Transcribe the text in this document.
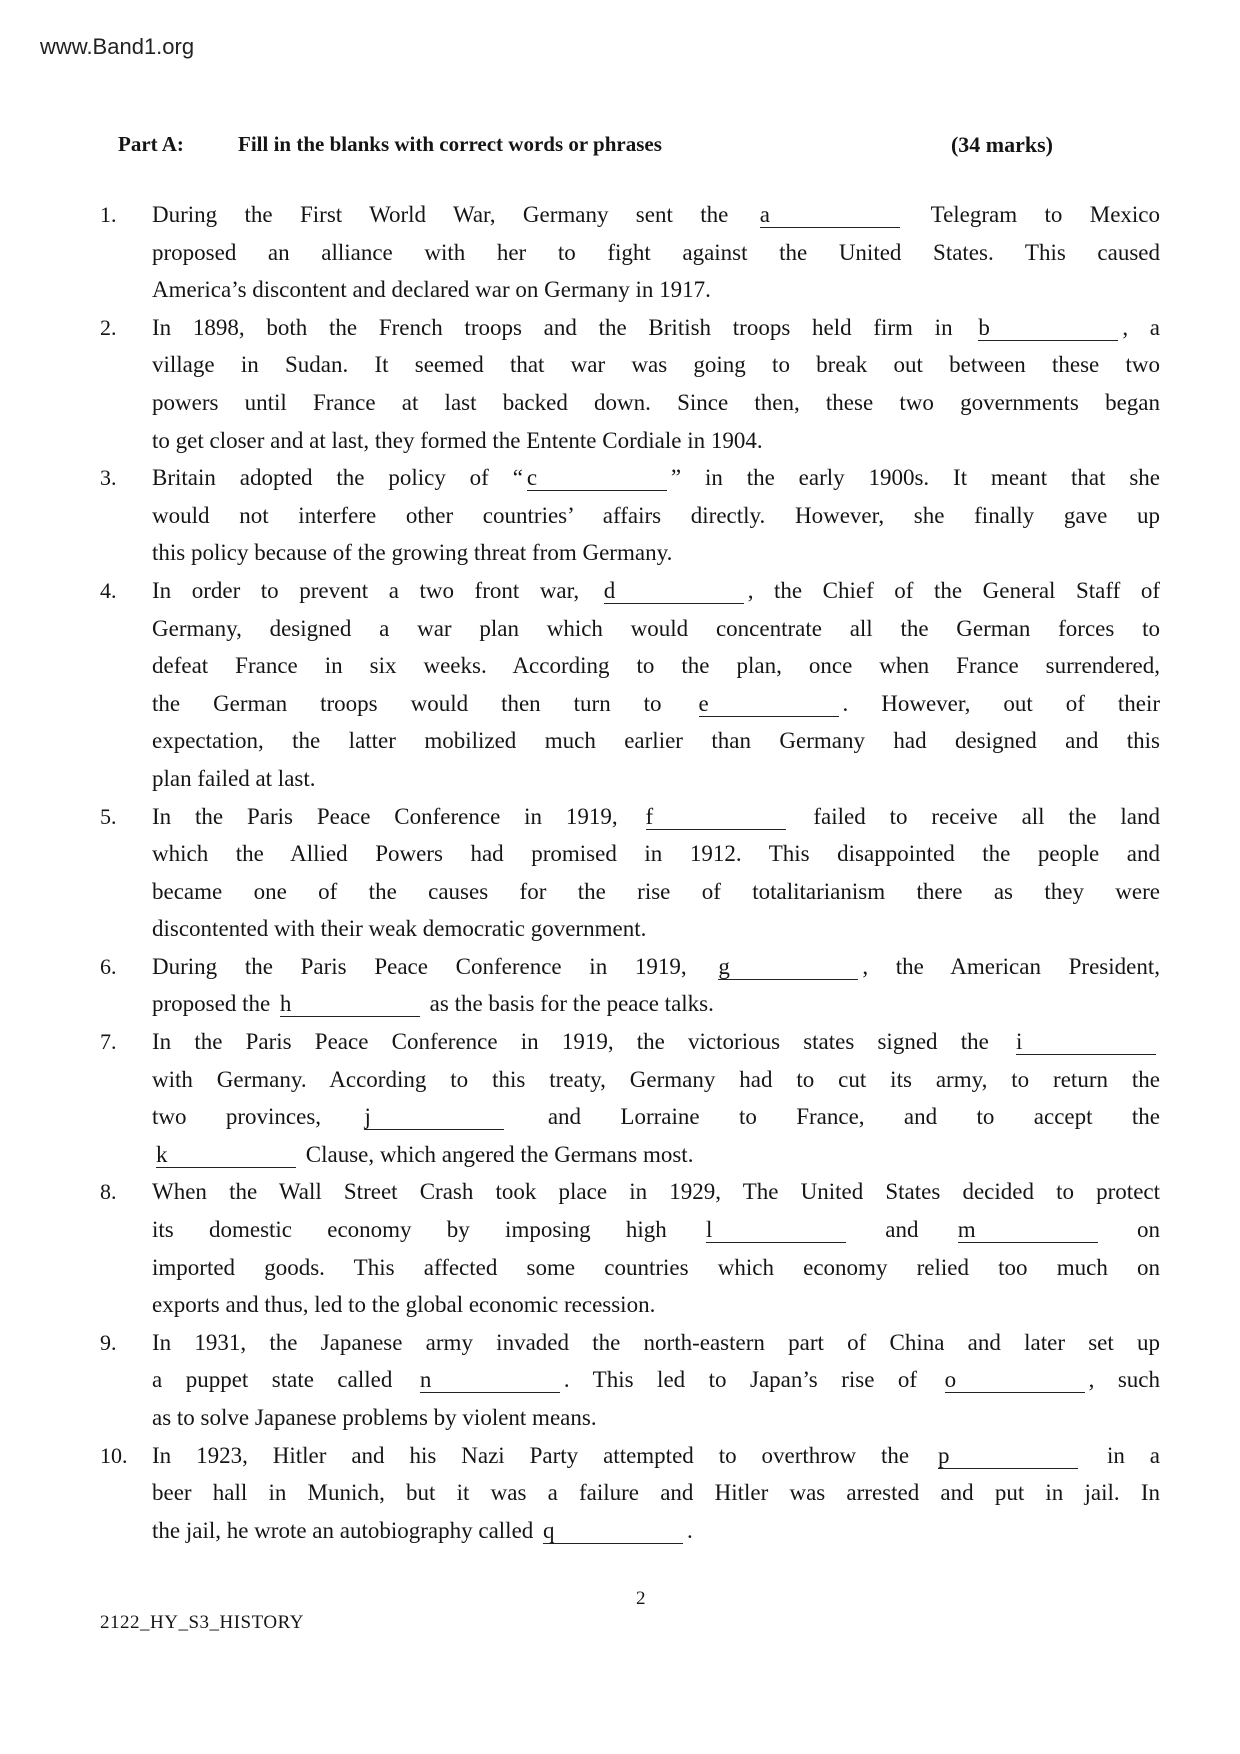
www.Band1.org
Part A:	Fill in the blanks with correct words or phrases	(34 marks)
1.	During the First World War, Germany sent the a	Telegram to Mexico
proposed an alliance with her to fight against the United States. This caused
America’s discontent and declared war on Germany in 1917.
2.	In 1898, both the French troops and the British troops held firm in b	, a
village in Sudan. It seemed that war was going to break out between these two
powers until France at last backed down. Since then, these two governments began
to get closer and at last, they formed the Entente Cordiale in 1904.
3.	Britain adopted the policy of “ c	” in the early 1900s. It meant that she
would not interfere other countries’ affairs directly. However, she finally gave up
this policy because of the growing threat from Germany.
4.	In order to prevent a two front war, d	, the Chief of the General Staff of
Germany, designed a war plan which would concentrate all the German forces to
defeat France in six weeks. According to the plan, once when France surrendered,
the German troops would then turn to e	. However, out of their
expectation, the latter mobilized much earlier than Germany had designed and this
plan failed at last.
5.	In the Paris Peace Conference in 1919, f	failed to receive all the land
which the Allied Powers had promised in 1912. This disappointed the people and
became one of the causes for the rise of totalitarianism there as they were
discontented with their weak democratic government.
6.	During the Paris Peace Conference in 1919, g	, the American President,
proposed the h	as the basis for the peace talks.
7.	In the Paris Peace Conference in 1919, the victorious states signed the i
with Germany. According to this treaty, Germany had to cut its army, to return the
two provinces, j	and Lorraine to France, and to accept the
k	Clause, which angered the Germans most.
8.	When the Wall Street Crash took place in 1929, The United States decided to protect
its domestic economy by imposing high l	and m	on
imported goods. This affected some countries which economy relied too much on
exports and thus, led to the global economic recession.
9.	In 1931, the Japanese army invaded the north-eastern part of China and later set up
a puppet state called n	. This led to Japan’s rise of o	, such
as to solve Japanese problems by violent means.
10.	In 1923, Hitler and his Nazi Party attempted to overthrow the p	in a
beer hall in Munich, but it was a failure and Hitler was arrested and put in jail. In
the jail, he wrote an autobiography called q	.
2
2122_HY_S3_HISTORY
